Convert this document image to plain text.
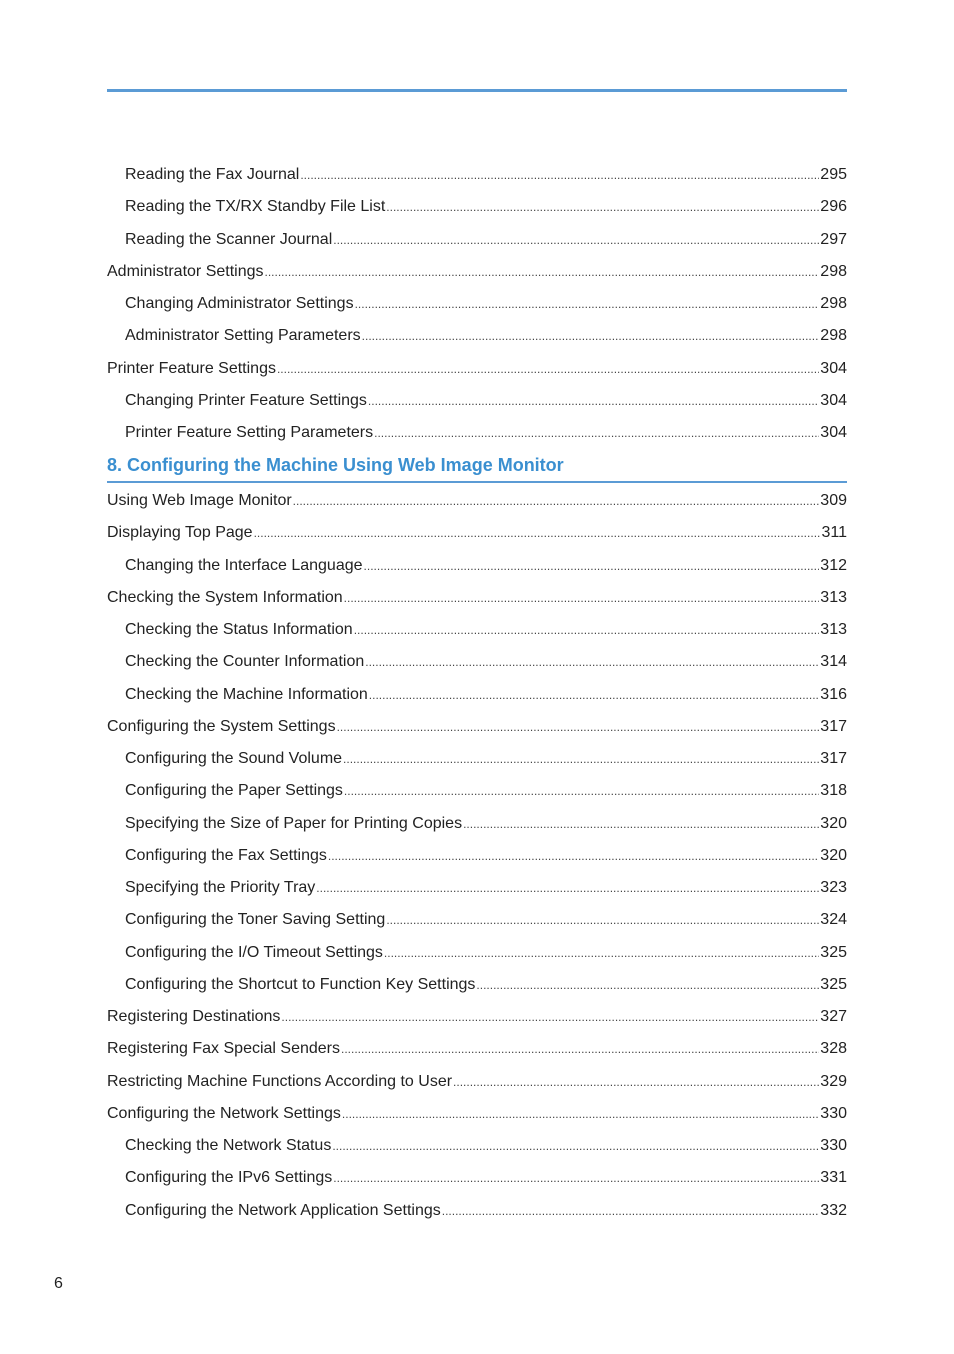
Reading the Fax Journal .....	295
Reading the TX/RX Standby File List .....	296
Reading the Scanner Journal .....	297
Administrator Settings .....	298
Changing Administrator Settings .....	298
Administrator Setting Parameters .....	298
Printer Feature Settings .....	304
Changing Printer Feature Settings .....	304
Printer Feature Setting Parameters .....	304
8. Configuring the Machine Using Web Image Monitor
Using Web Image Monitor .....	309
Displaying Top Page .....	311
Changing the Interface Language .....	312
Checking the System Information .....	313
Checking the Status Information .....	313
Checking the Counter Information .....	314
Checking the Machine Information .....	316
Configuring the System Settings .....	317
Configuring the Sound Volume .....	317
Configuring the Paper Settings .....	318
Specifying the Size of Paper for Printing Copies .....	320
Configuring the Fax Settings .....	320
Specifying the Priority Tray .....	323
Configuring the Toner Saving Setting .....	324
Configuring the I/O Timeout Settings .....	325
Configuring the Shortcut to Function Key Settings .....	325
Registering Destinations .....	327
Registering Fax Special Senders .....	328
Restricting Machine Functions According to User .....	329
Configuring the Network Settings .....	330
Checking the Network Status .....	330
Configuring the IPv6 Settings .....	331
Configuring the Network Application Settings .....	332
6
